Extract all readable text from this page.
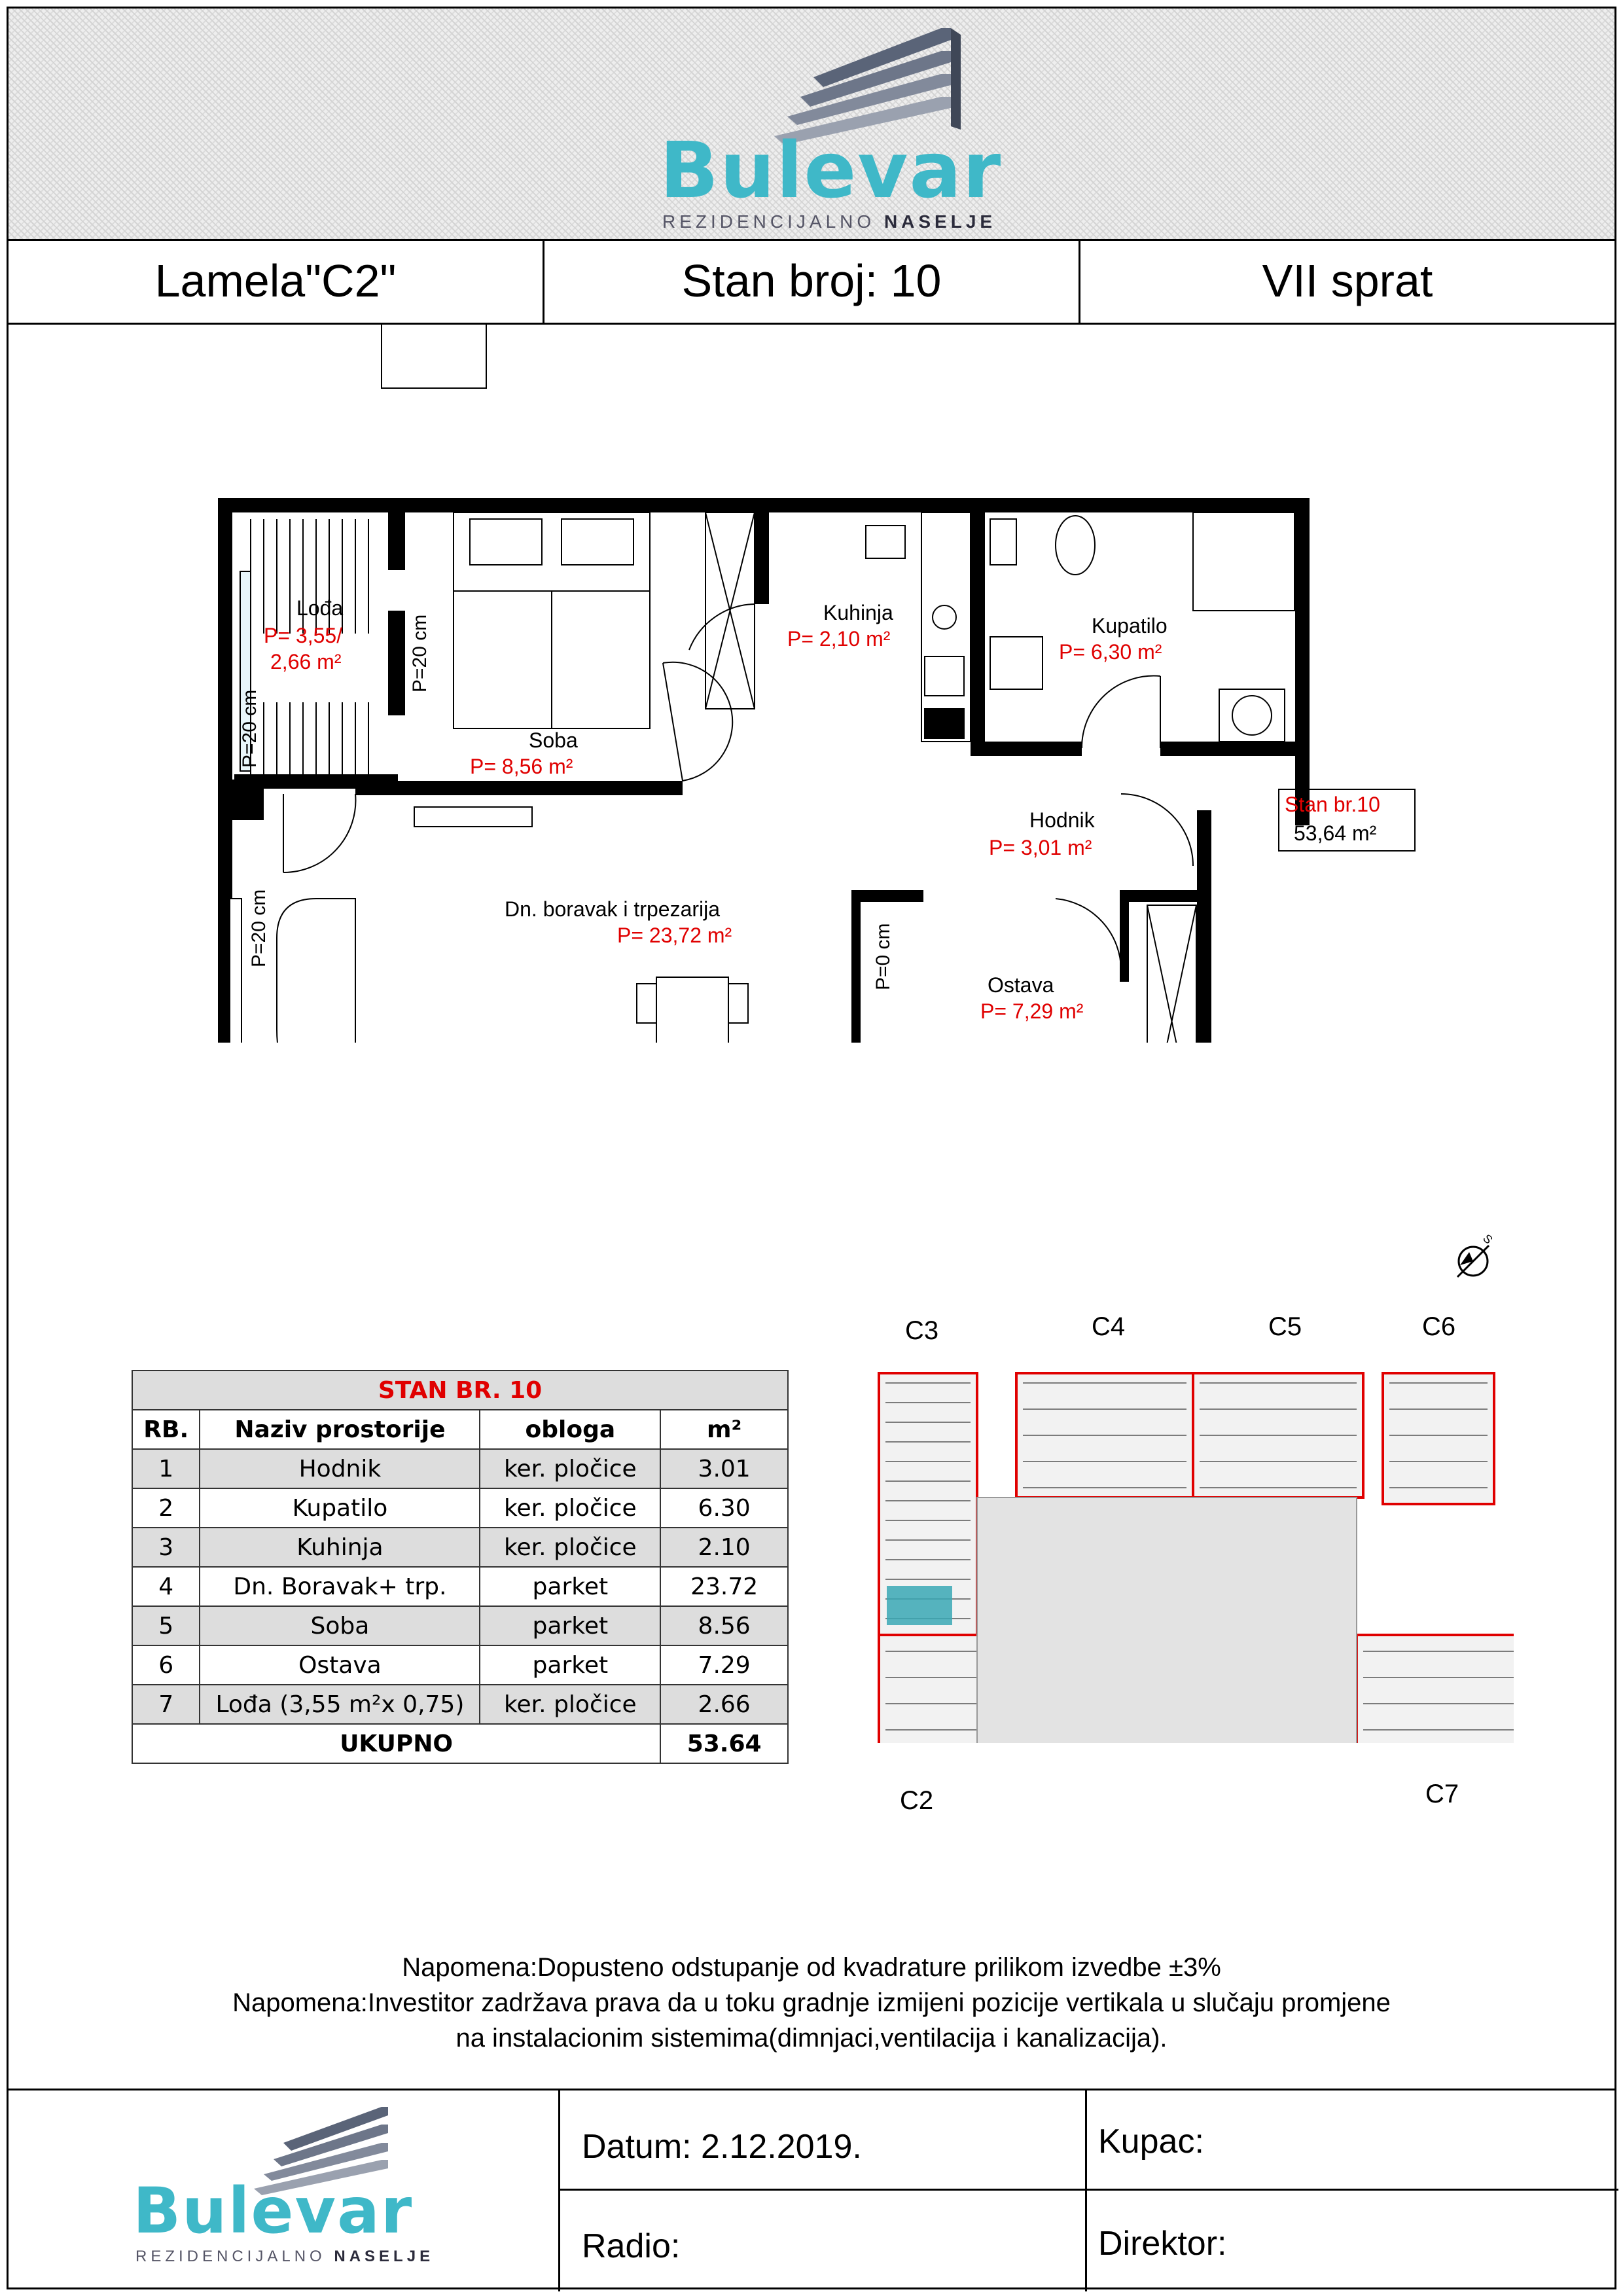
Bulevar
REZIDENCIJALNO NASELJE
Lamela"C2"	Stan broj: 10	VII sprat
Lođa
P= 3,55/
2,66 m²
Soba
P= 8,56 m²
Kuhinja
P= 2,10 m²
Kupatilo
P= 6,30 m²
Hodnik
P= 3,01 m²
Dn. boravak i trpezarija
P= 23,72 m²
Ostava
P= 7,29 m²
P=20 cm
P=20 cm
P=20 cm	P=0 cm
Stan br.10
53,64 m²
STAN BR. 10			
RB.	Naziv prostorije	obloga	m²
1	Hodnik	ker. pločice	3.01
2	Kupatilo	ker. pločice	6.30
3	Kuhinja	ker. pločice	2.10
4	Dn. Boravak+ trp.	parket	23.72
5	Soba	parket	8.56
6	Ostava	parket	7.29
7	Lođa (3,55 m²x 0,75)	ker. pločice	2.66
UKUPNO			53.64
C3	C4	C5	C6
C2	C7
S
Napomena:Dopusteno odstupanje od kvadrature prilikom izvedbe ±3%
Napomena:Investitor zadržava prava da u toku gradnje izmijeni pozicije vertikala u slučaju promjene
na instalacionim sistemima(dimnjaci,ventilacija i kanalizacija).
Bulevar
REZIDENCIJALNO NASELJE
Datum: 2.12.2019.	Kupac:
Radio:	Direktor:
